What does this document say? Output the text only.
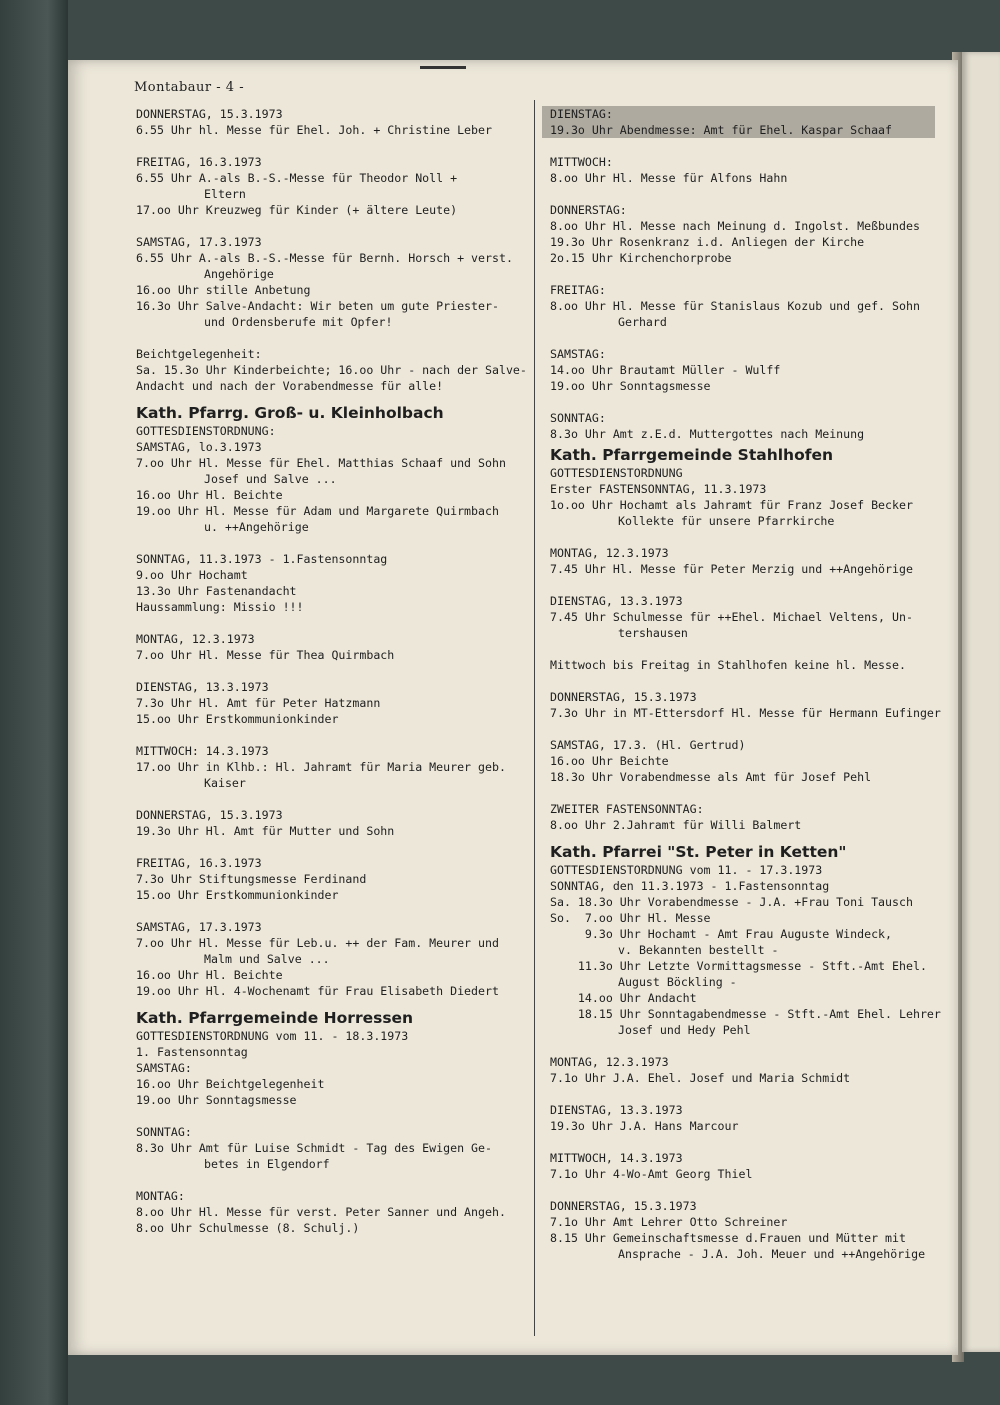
Montabaur - 4 -
DONNERSTAG, 15.3.1973
6.55 Uhr hl. Messe für Ehel. Joh. + Christine Leber
FREITAG, 16.3.1973
6.55 Uhr A.-als B.-S.-Messe für Theodor Noll +
Eltern
17.oo Uhr Kreuzweg für Kinder (+ ältere Leute)
SAMSTAG, 17.3.1973
6.55 Uhr A.-als B.-S.-Messe für Bernh. Horsch + verst.
Angehörige
16.oo Uhr stille Anbetung
16.3o Uhr Salve-Andacht: Wir beten um gute Priester-
und Ordensberufe mit Opfer!
Beichtgelegenheit:
Sa. 15.3o Uhr Kinderbeichte; 16.oo Uhr - nach der Salve-
Andacht und nach der Vorabendmesse für alle!
Kath. Pfarrg. Groß- u. Kleinholbach
GOTTESDIENSTORDNUNG:
SAMSTAG, lo.3.1973
7.oo Uhr Hl. Messe für Ehel. Matthias Schaaf und Sohn
Josef und Salve ...
16.oo Uhr Hl. Beichte
19.oo Uhr Hl. Messe für Adam und Margarete Quirmbach
u. ++Angehörige
SONNTAG, 11.3.1973 - 1.Fastensonntag
9.oo Uhr Hochamt
13.3o Uhr Fastenandacht
Haussammlung: Missio !!!
MONTAG, 12.3.1973
7.oo Uhr Hl. Messe für Thea Quirmbach
DIENSTAG, 13.3.1973
7.3o Uhr Hl. Amt für Peter Hatzmann
15.oo Uhr Erstkommunionkinder
MITTWOCH: 14.3.1973
17.oo Uhr in Klhb.: Hl. Jahramt für Maria Meurer geb.
Kaiser
DONNERSTAG, 15.3.1973
19.3o Uhr Hl. Amt für Mutter und Sohn
FREITAG, 16.3.1973
7.3o Uhr Stiftungsmesse Ferdinand
15.oo Uhr Erstkommunionkinder
SAMSTAG, 17.3.1973
7.oo Uhr Hl. Messe für Leb.u. ++ der Fam. Meurer und
Malm und Salve ...
16.oo Uhr Hl. Beichte
19.oo Uhr Hl. 4-Wochenamt für Frau Elisabeth Diedert
Kath. Pfarrgemeinde Horressen
GOTTESDIENSTORDNUNG vom 11. - 18.3.1973
1. Fastensonntag
SAMSTAG:
16.oo Uhr Beichtgelegenheit
19.oo Uhr Sonntagsmesse
SONNTAG:
8.3o Uhr Amt für Luise Schmidt - Tag des Ewigen Ge-
betes in Elgendorf
MONTAG:
8.oo Uhr Hl. Messe für verst. Peter Sanner und Angeh.
8.oo Uhr Schulmesse (8. Schulj.)
DIENSTAG:
19.3o Uhr Abendmesse: Amt für Ehel. Kaspar Schaaf
MITTWOCH:
8.oo Uhr Hl. Messe für Alfons Hahn
DONNERSTAG:
8.oo Uhr Hl. Messe nach Meinung d. Ingolst. Meßbundes
19.3o Uhr Rosenkranz i.d. Anliegen der Kirche
2o.15 Uhr Kirchenchorprobe
FREITAG:
8.oo Uhr Hl. Messe für Stanislaus Kozub und gef. Sohn
Gerhard
SAMSTAG:
14.oo Uhr Brautamt Müller - Wulff
19.oo Uhr Sonntagsmesse
SONNTAG:
8.3o Uhr Amt z.E.d. Muttergottes nach Meinung
Kath. Pfarrgemeinde Stahlhofen
GOTTESDIENSTORDNUNG
Erster FASTENSONNTAG, 11.3.1973
1o.oo Uhr Hochamt als Jahramt für Franz Josef Becker
Kollekte für unsere Pfarrkirche
MONTAG, 12.3.1973
7.45 Uhr Hl. Messe für Peter Merzig und ++Angehörige
DIENSTAG, 13.3.1973
7.45 Uhr Schulmesse für ++Ehel. Michael Veltens, Un-
tershausen
Mittwoch bis Freitag in Stahlhofen keine hl. Messe.
DONNERSTAG, 15.3.1973
7.3o Uhr in MT-Ettersdorf Hl. Messe für Hermann Eufinger
SAMSTAG, 17.3. (Hl. Gertrud)
16.oo Uhr Beichte
18.3o Uhr Vorabendmesse als Amt für Josef Pehl
ZWEITER FASTENSONNTAG:
8.oo Uhr 2.Jahramt für Willi Balmert
Kath. Pfarrei "St. Peter in Ketten"
GOTTESDIENSTORDNUNG vom 11. - 17.3.1973
SONNTAG, den 11.3.1973 - 1.Fastensonntag
Sa. 18.3o Uhr Vorabendmesse - J.A. +Frau Toni Tausch
So.  7.oo Uhr Hl. Messe
9.3o Uhr Hochamt - Amt Frau Auguste Windeck,
v. Bekannten bestellt -
11.3o Uhr Letzte Vormittagsmesse - Stft.-Amt Ehel.
August Böckling -
14.oo Uhr Andacht
18.15 Uhr Sonntagabendmesse - Stft.-Amt Ehel. Lehrer
Josef und Hedy Pehl
MONTAG, 12.3.1973
7.1o Uhr J.A. Ehel. Josef und Maria Schmidt
DIENSTAG, 13.3.1973
19.3o Uhr J.A. Hans Marcour
MITTWOCH, 14.3.1973
7.1o Uhr 4-Wo-Amt Georg Thiel
DONNERSTAG, 15.3.1973
7.1o Uhr Amt Lehrer Otto Schreiner
8.15 Uhr Gemeinschaftsmesse d.Frauen und Mütter mit
Ansprache - J.A. Joh. Meuer und ++Angehörige
